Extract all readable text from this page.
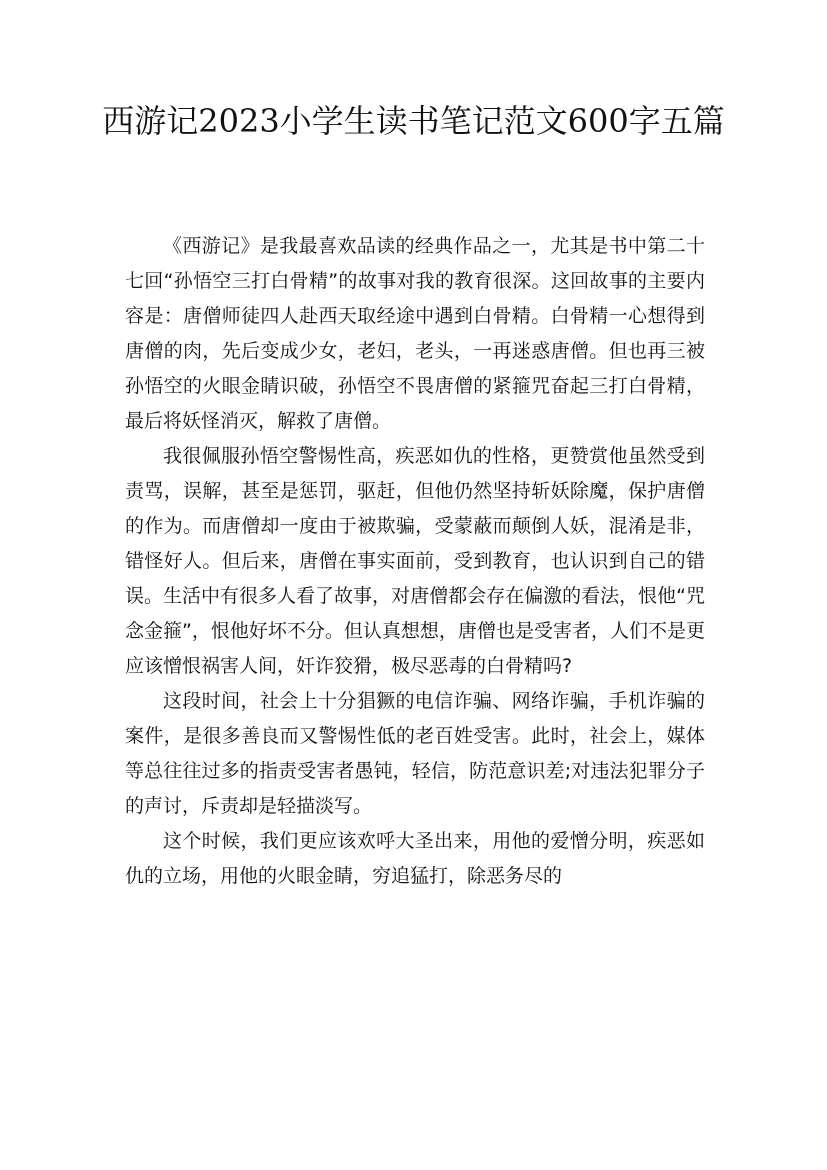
西游记2023小学生读书笔记范文600字五篇

《西游记》是我最喜欢品读的经典作品之一，尤其是书中第二十七回“孙悟空三打白骨精”的故事对我的教育很深。这回故事的主要内容是：唐僧师徒四人赴西天取经途中遇到白骨精。白骨精一心想得到唐僧的肉，先后变成少女，老妇，老头，一再迷惑唐僧。但也再三被孙悟空的火眼金睛识破，孙悟空不畏唐僧的紧箍咒奋起三打白骨精，最后将妖怪消灭，解救了唐僧。

我很佩服孙悟空警惕性高，疾恶如仇的性格，更赞赏他虽然受到责骂，误解，甚至是惩罚，驱赶，但他仍然坚持斩妖除魔，保护唐僧的作为。而唐僧却一度由于被欺骗，受蒙蔽而颠倒人妖，混淆是非，错怪好人。但后来，唐僧在事实面前，受到教育，也认识到自己的错误。生活中有很多人看了故事，对唐僧都会存在偏激的看法，恨他“咒念金箍”，恨他好坏不分。但认真想想，唐僧也是受害者，人们不是更应该憎恨祸害人间，奸诈狡猾，极尽恶毒的白骨精吗?

这段时间，社会上十分猖獗的电信诈骗、网络诈骗，手机诈骗的案件，是很多善良而又警惕性低的老百姓受害。此时，社会上，媒体等总往往过多的指责受害者愚钝，轻信，防范意识差;对违法犯罪分子的声讨，斥责却是轻描淡写。

这个时候，我们更应该欢呼大圣出来，用他的爱憎分明，疾恶如仇的立场，用他的火眼金睛，穷追猛打，除恶务尽的
